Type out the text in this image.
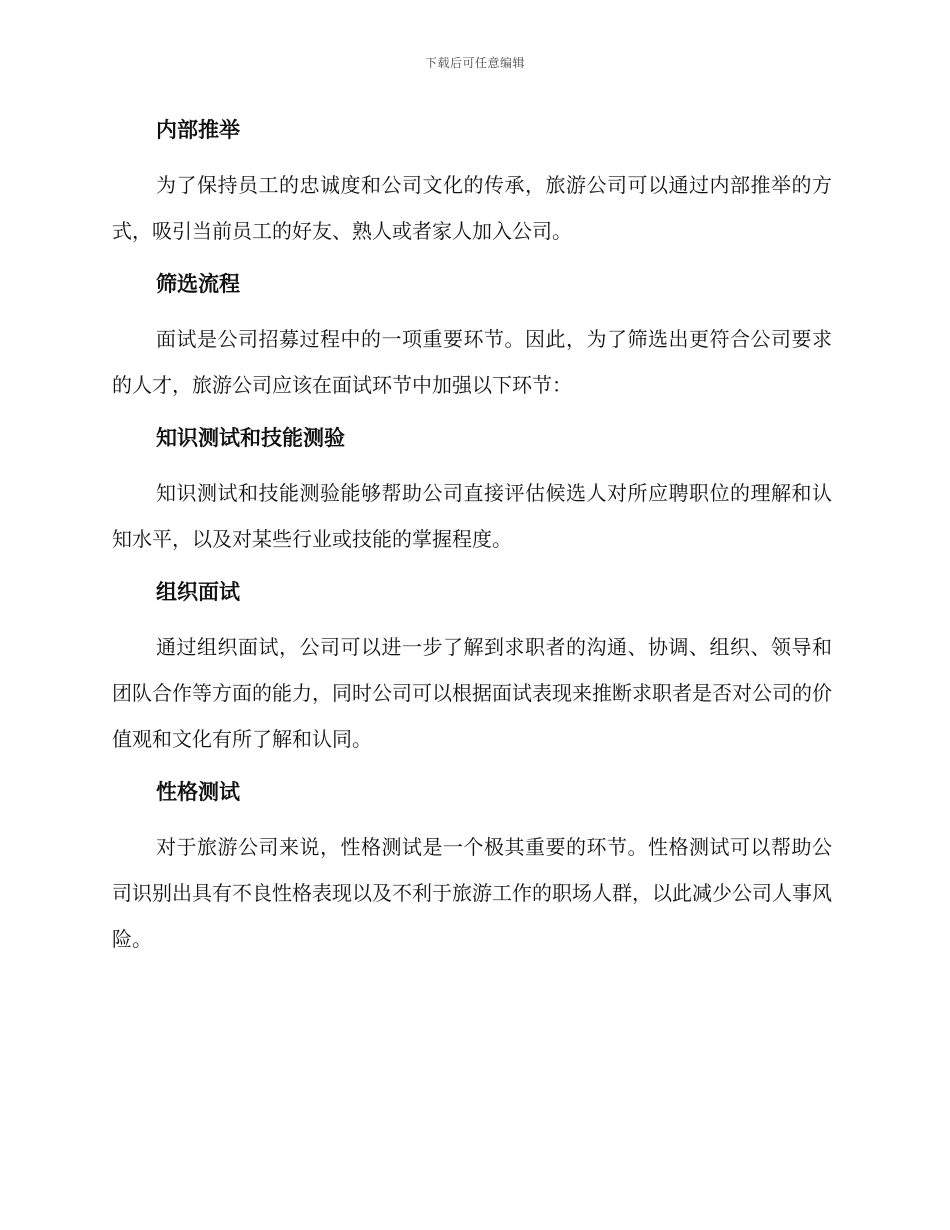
下载后可任意编辑
内部推举

为了保持员工的忠诚度和公司文化的传承，旅游公司可以通过内部推举的方式，吸引当前员工的好友、熟人或者家人加入公司。

筛选流程

面试是公司招募过程中的一项重要环节。因此，为了筛选出更符合公司要求的人才，旅游公司应该在面试环节中加强以下环节：

知识测试和技能测验

知识测试和技能测验能够帮助公司直接评估候选人对所应聘职位的理解和认知水平，以及对某些行业或技能的掌握程度。

组织面试

通过组织面试，公司可以进一步了解到求职者的沟通、协调、组织、领导和团队合作等方面的能力，同时公司可以根据面试表现来推断求职者是否对公司的价值观和文化有所了解和认同。

性格测试

对于旅游公司来说，性格测试是一个极其重要的环节。性格测试可以帮助公司识别出具有不良性格表现以及不利于旅游工作的职场人群，以此减少公司人事风险。
